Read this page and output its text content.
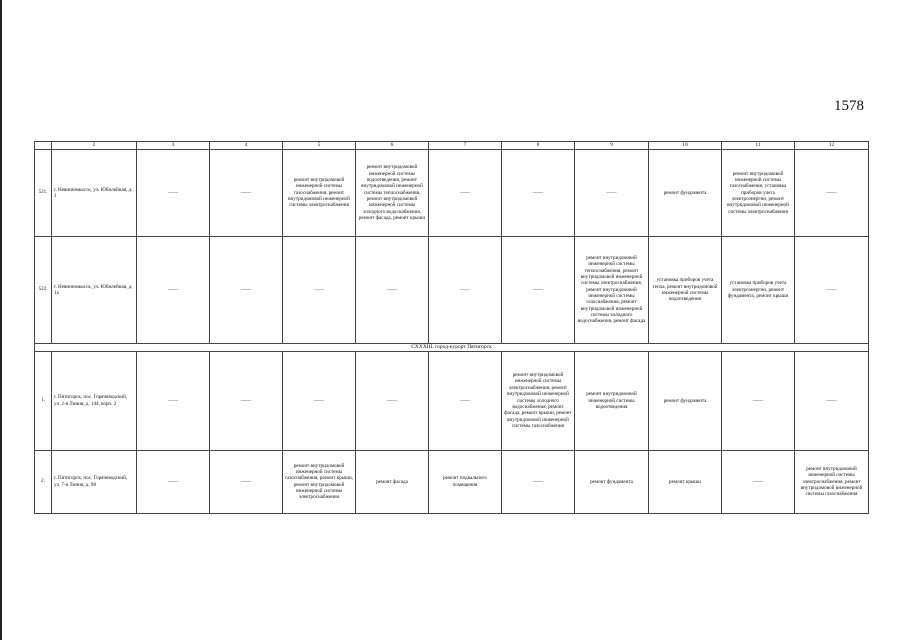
1578
	2	3	4	5	6	7	8	9	10	11	12
521.	г. Невинномысск, ул. Юбилейная, д. 1	——	——	ремонт внутридомовой инженерной системы газоснабжения, ремонт внутридомовой инженерной системы электроснабжения	ремонт внутридомовой инженерной системы водоотведения, ремонт внутридомовой инженерной системы теплоснабжения, ремонт внутридомовой инженерной системы холодного водоснабжения, ремонт фасада, ремонт крыши	——	——	——	ремонт фундамента	ремонт внутридомовой инженерной системы газоснабжения, установка приборов учета электроэнергии, ремонт внутридомовой инженерной системы электроснабжения	——
522.	г. Невинномысск, ул. Юбилейная, д. 1а	——	——	——	——	——	——	ремонт внутридомовой инженерной системы теплоснабжения, ремонт внутридомовой инженерной системы электроснабжения, ремонт внутридомовой инженерной системы газоснабжения, ремонт внутридомовой инженерной системы холодного водоснабжения, ремонт фасада	установка приборов учета тепла, ремонт внутридомовой инженерной системы водоотведения	установка приборов учета электроэнергии, ремонт фундамента, ремонт крыши	——
СXXXIII. город-курорт Пятигорск											
1.	г. Пятигорск, пос. Горячеводский, ул. 2-я Линия, д. 144, корп. 2	——	——	——	——	——	ремонт внутридомовой инженерной системы электроснабжения, ремонт внутридомовой инженерной системы холодного водоснабжения, ремонт фасада, ремонт крыши, ремонт внутридомовой инженерной системы газоснабжения	ремонт внутридомовой инженерной системы водоотведения	ремонт фундамента	——	——
2.	г. Пятигорск, пос. Горячеводский, ул. 7-я Линия, д. 98	——	——	ремонт внутридомовой инженерной системы газоснабжения, ремонт крыши, ремонт внутридомовой инженерной системы электроснабжения	ремонт фасада	ремонт подвального помещения	——	ремонт фундамента	ремонт крыши	——	ремонт внутридомовой инженерной системы электроснабжения, ремонт внутридомовой инженерной системы газоснабжения
